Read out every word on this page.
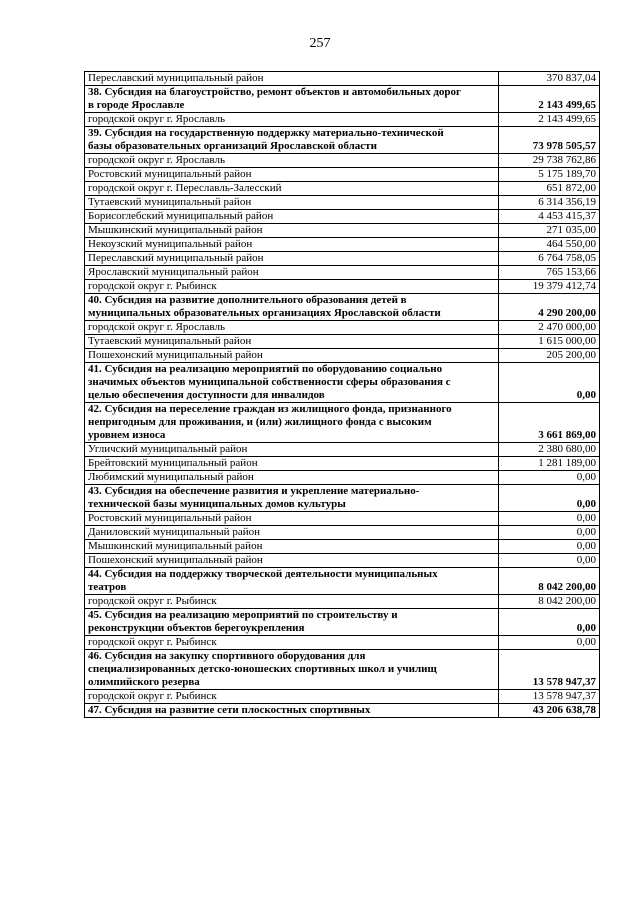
257
Переславский муниципальный район	370 837,04
38. Субсидия на благоустройство, ремонт объектов и автомобильных дорог в городе Ярославле	2 143 499,65
городской округ г. Ярославль	2 143 499,65
39. Субсидия на государственную поддержку материально-технической базы образовательных организаций Ярославской области	73 978 505,57
городской округ г. Ярославль	29 738 762,86
Ростовский муниципальный район	5 175 189,70
городской округ г. Переславль-Залесский	651 872,00
Тутаевский муниципальный район	6 314 356,19
Борисоглебский муниципальный район	4 453 415,37
Мышкинский муниципальный район	271 035,00
Некоузский муниципальный район	464 550,00
Переславский муниципальный район	6 764 758,05
Ярославский муниципальный район	765 153,66
городской округ г. Рыбинск	19 379 412,74
40. Субсидия на развитие дополнительного образования детей в муниципальных образовательных организациях Ярославской области	4 290 200,00
городской округ г. Ярославль	2 470 000,00
Тутаевский муниципальный район	1 615 000,00
Пошехонский муниципальный район	205 200,00
41. Субсидия на реализацию мероприятий по оборудованию социально значимых объектов муниципальной собственности сферы образования с целью обеспечения доступности для инвалидов	0,00
42. Субсидия на переселение граждан из жилищного фонда, признанного непригодным для проживания, и (или) жилищного фонда с высоким уровнем износа	3 661 869,00
Угличский муниципальный район	2 380 680,00
Брейтовский муниципальный район	1 281 189,00
Любимский муниципальный район	0,00
43. Субсидия на обеспечение развития и укрепление материально-технической базы муниципальных домов культуры	0,00
Ростовский муниципальный район	0,00
Даниловский муниципальный район	0,00
Мышкинский муниципальный район	0,00
Пошехонский муниципальный район	0,00
44. Субсидия на поддержку творческой деятельности муниципальных театров	8 042 200,00
городской округ г. Рыбинск	8 042 200,00
45. Субсидия на реализацию мероприятий по строительству и реконструкции объектов берегоукрепления	0,00
городской округ г. Рыбинск	0,00
46. Субсидия на закупку спортивного оборудования для специализированных детско-юношеских спортивных школ и училищ олимпийского резерва	13 578 947,37
городской округ г. Рыбинск	13 578 947,37
47. Субсидия на развитие сети плоскостных спортивных	43 206 638,78
